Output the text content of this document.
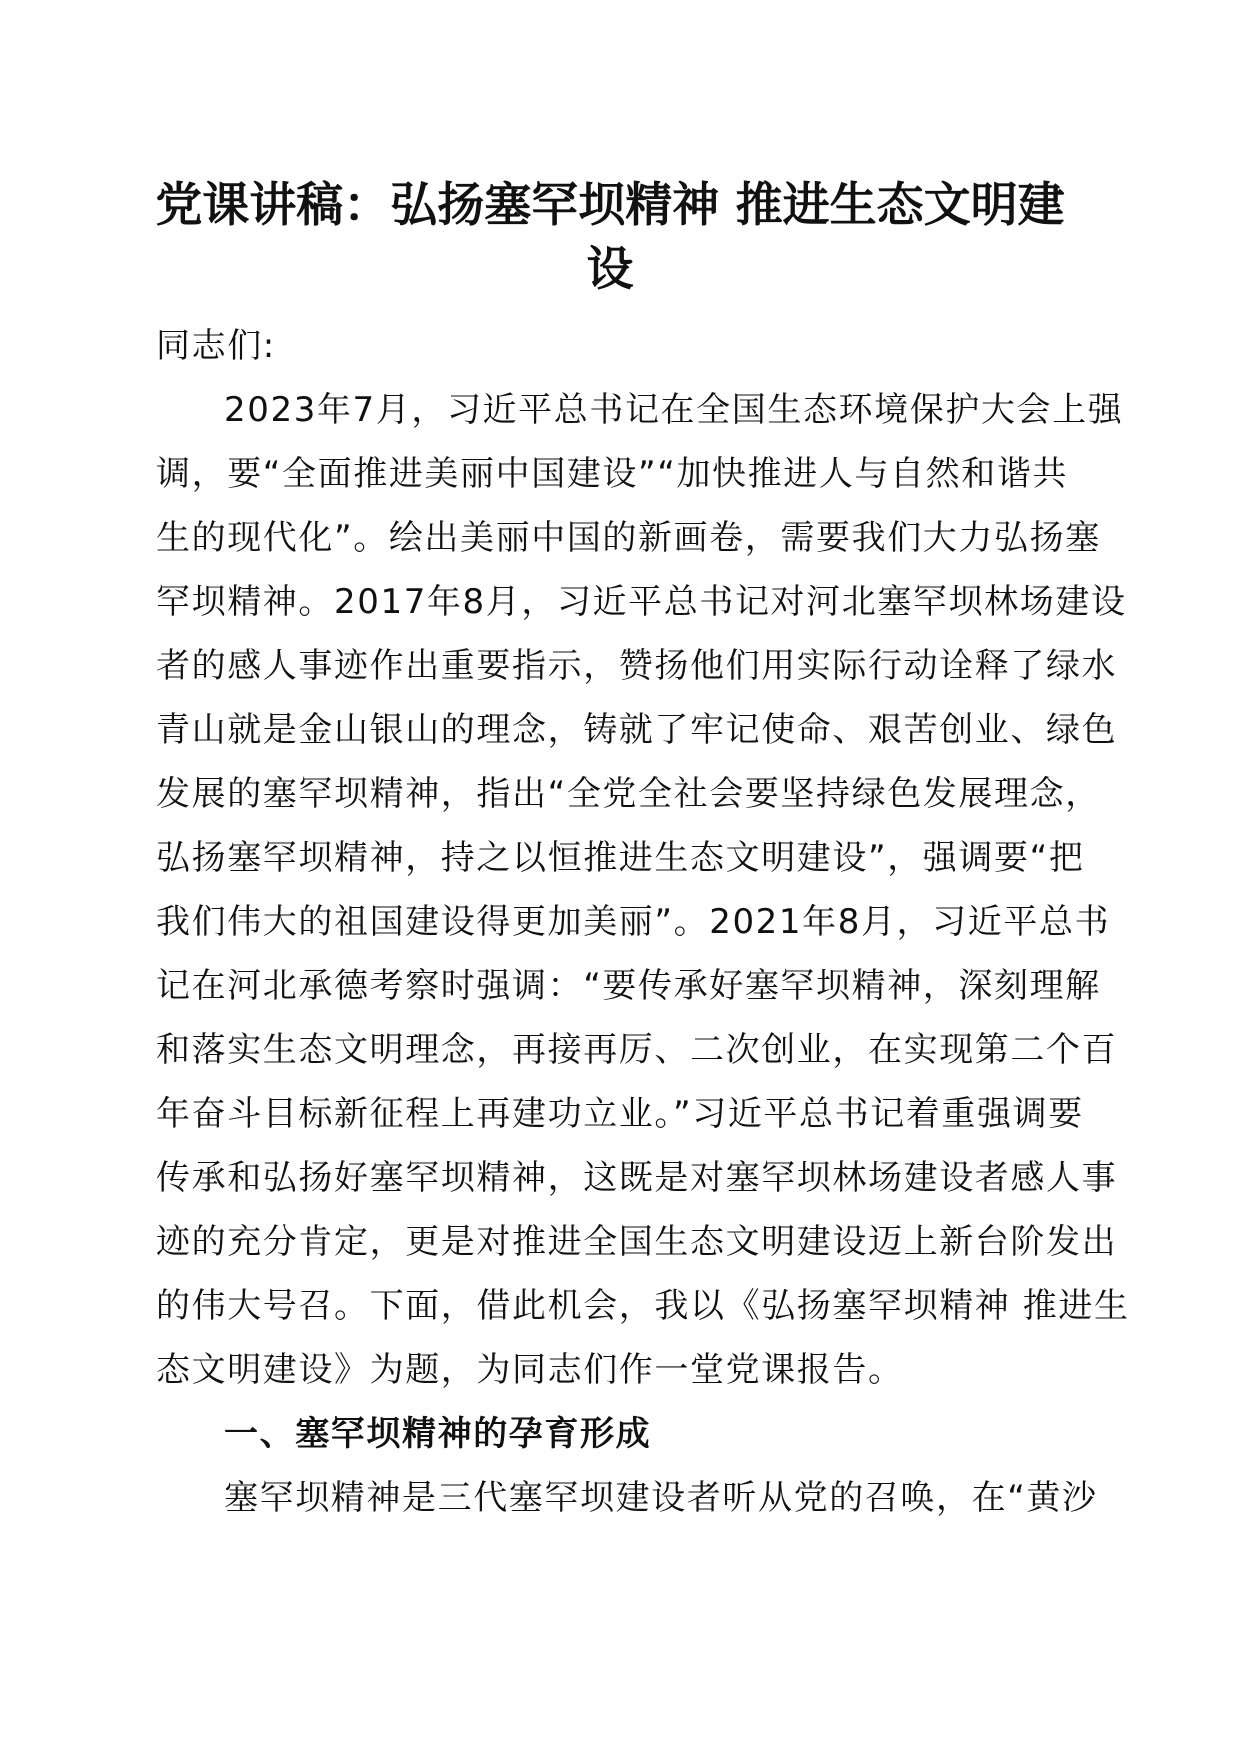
党课讲稿：弘扬塞罕坝精神 推进生态文明建设

同志们:

2023年7月，习近平总书记在全国生态环境保护大会上强
调，要“全面推进美丽中国建设”“加快推进人与自然和谐共
生的现代化”。绘出美丽中国的新画卷，需要我们大力弘扬塞
罕坝精神。2017年8月，习近平总书记对河北塞罕坝林场建设
者的感人事迹作出重要指示，赞扬他们用实际行动诠释了绿水
青山就是金山银山的理念，铸就了牢记使命、艰苦创业、绿色
发展的塞罕坝精神，指出“全党全社会要坚持绿色发展理念，
弘扬塞罕坝精神，持之以恒推进生态文明建设”，强调要“把
我们伟大的祖国建设得更加美丽”。2021年8月，习近平总书
记在河北承德考察时强调：“要传承好塞罕坝精神，深刻理解
和落实生态文明理念，再接再厉、二次创业，在实现第二个百
年奋斗目标新征程上再建功立业。”习近平总书记着重强调要
传承和弘扬好塞罕坝精神，这既是对塞罕坝林场建设者感人事
迹的充分肯定，更是对推进全国生态文明建设迈上新台阶发出
的伟大号召。下面，借此机会，我以《弘扬塞罕坝精神 推进生
态文明建设》为题，为同志们作一堂党课报告。

一、塞罕坝精神的孕育形成

塞罕坝精神是三代塞罕坝建设者听从党的召唤，在“黄沙
